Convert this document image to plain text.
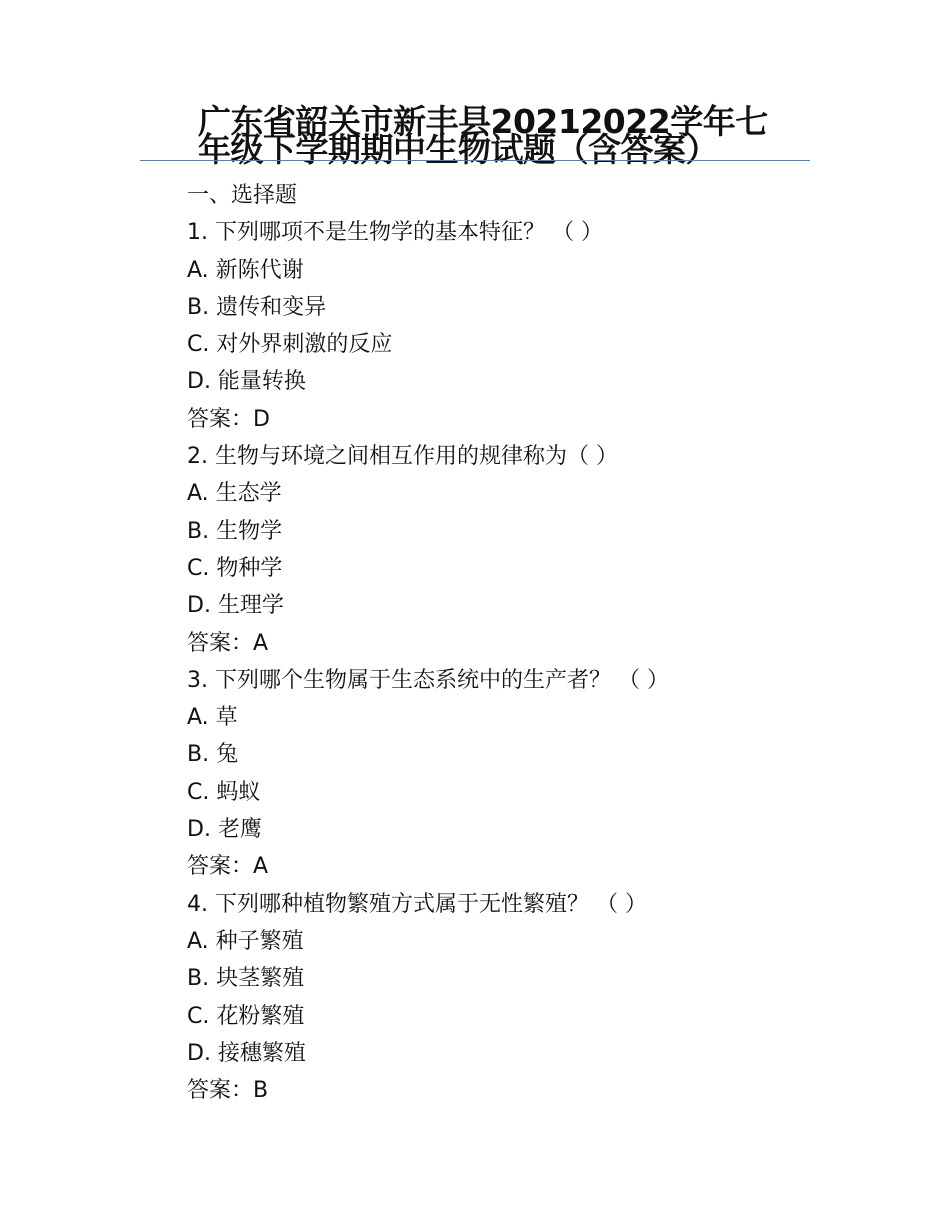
广东省韶关市新丰县20212022学年七
年级下学期期中生物试题（含答案）
一、选择题
1. 下列哪项不是生物学的基本特征？ （ ）
A. 新陈代谢
B. 遗传和变异
C. 对外界刺激的反应
D. 能量转换
答案：D
2. 生物与环境之间相互作用的规律称为（ ）
A. 生态学
B. 生物学
C. 物种学
D. 生理学
答案：A
3. 下列哪个生物属于生态系统中的生产者？ （ ）
A. 草
B. 兔
C. 蚂蚁
D. 老鹰
答案：A
4. 下列哪种植物繁殖方式属于无性繁殖？ （ ）
A. 种子繁殖
B. 块茎繁殖
C. 花粉繁殖
D. 接穗繁殖
答案：B
